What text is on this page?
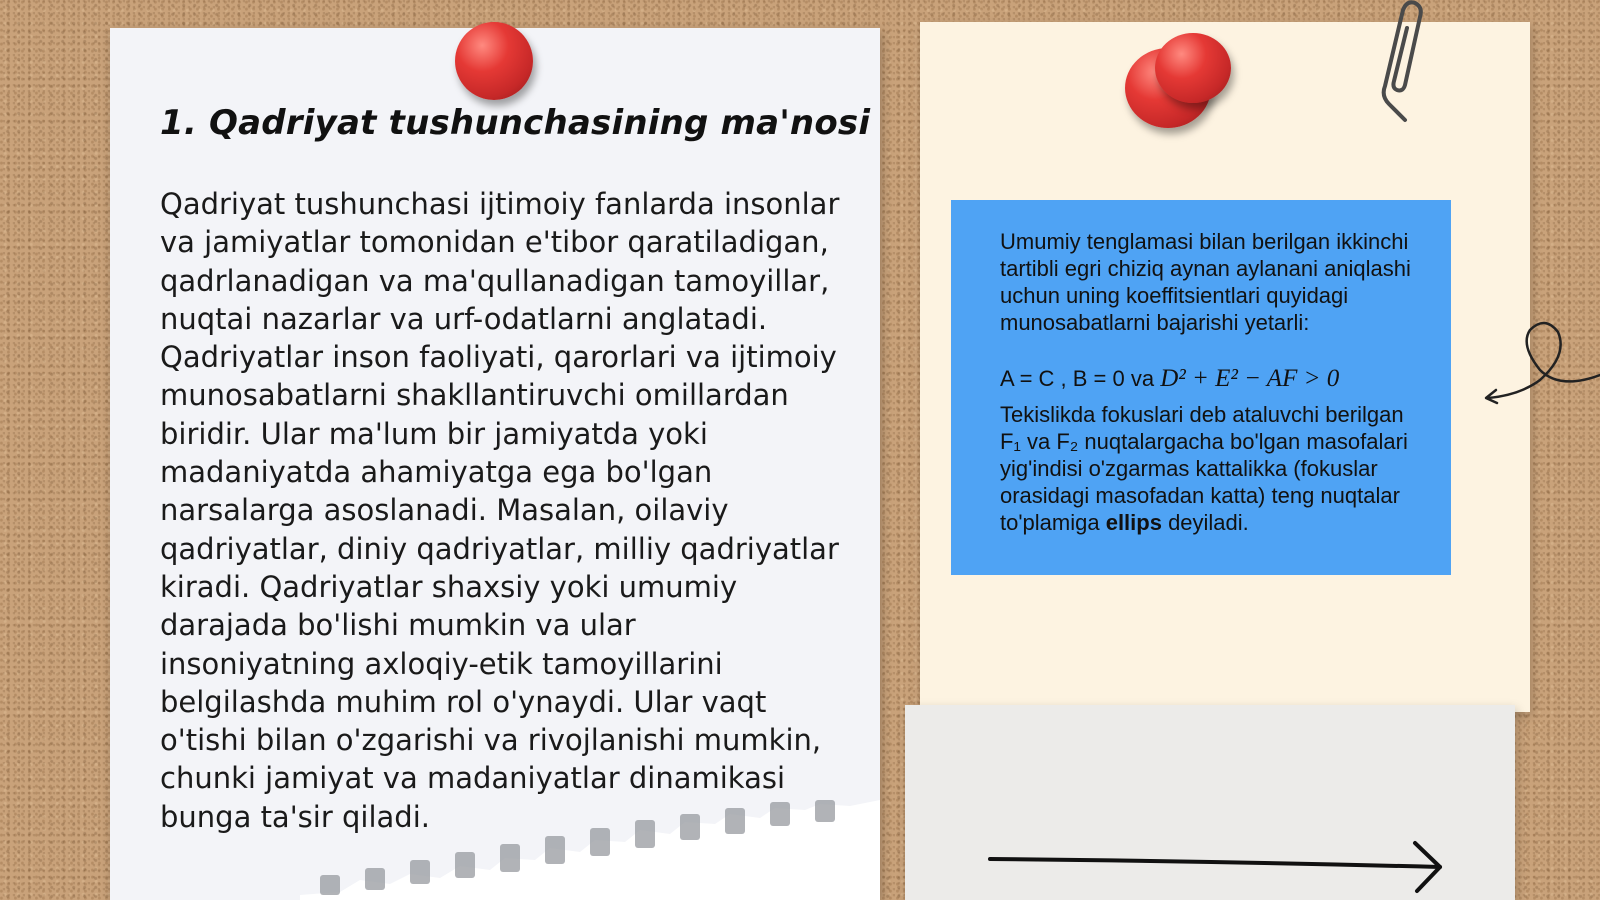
1. Qadriyat tushunchasining ma'nosi

Qadriyat tushunchasi ijtimoiy fanlarda insonlar va jamiyatlar tomonidan e'tibor qaratiladigan, qadrlanadigan va ma'qullanadigan tamoyillar, nuqtai nazarlar va urf-odatlarni anglatadi. Qadriyatlar inson faoliyati, qarorlari va ijtimoiy munosabatlarni shakllantiruvchi omillardan biridir. Ular ma'lum bir jamiyatda yoki madaniyatda ahamiyatga ega bo'lgan narsalarga asoslanadi. Masalan, oilaviy qadriyatlar, diniy qadriyatlar, milliy qadriyatlar kiradi. Qadriyatlar shaxsiy yoki umumiy darajada bo'lishi mumkin va ular insoniyatning axloqiy-etik tamoyillarini belgilashda muhim rol o'ynaydi. Ular vaqt o'tishi bilan o'zgarishi va rivojlanishi mumkin, chunki jamiyat va madaniyatlar dinamikasi bunga ta'sir qiladi.

Umumiy tenglamasi bilan berilgan ikkinchi tartibli egri chiziq aynan aylanani aniqlashi uchun uning koeffitsientlari quyidagi munosabatlarni bajarishi yetarli:

A = C , B = 0 va D² + E² − AF > 0

Tekislikda fokuslari deb ataluvchi berilgan F₁ va F₂ nuqtalargacha bo'lgan masofalari yig'indisi o'zgarmas kattalikka (fokuslar orasidagi masofadan katta) teng nuqtalar to'plamiga ellips deyiladi.
